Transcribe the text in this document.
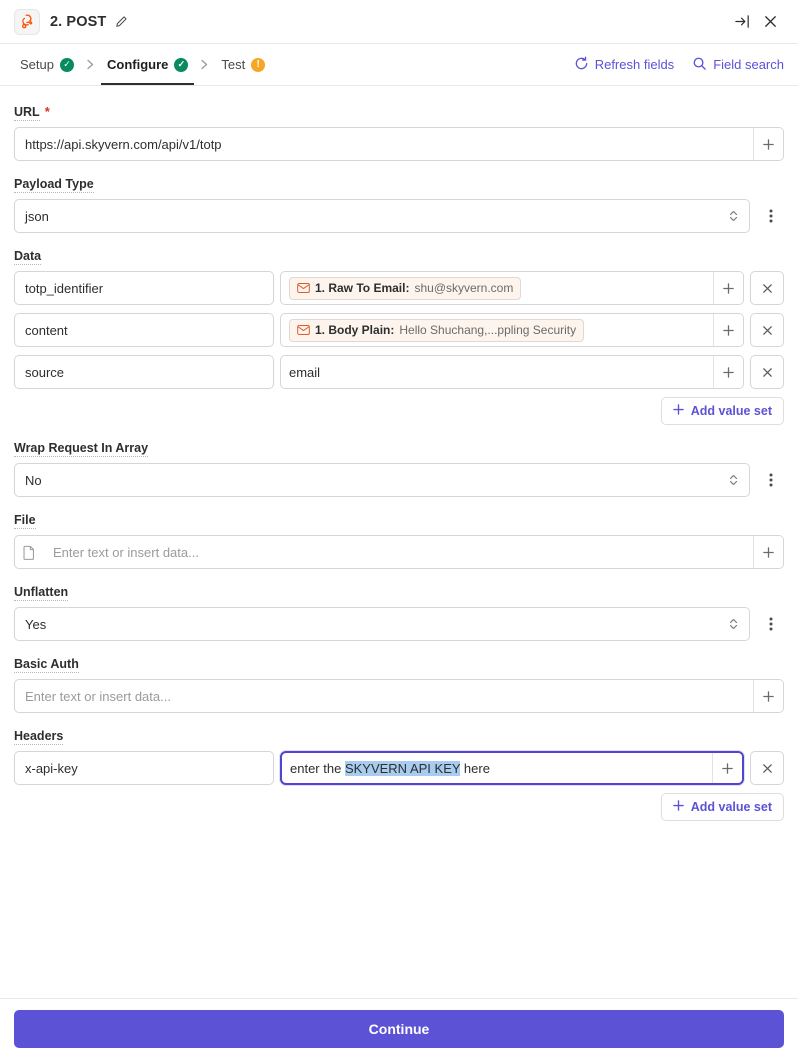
2. POST
Setup	✓	Configure	✓	Test	!	Refresh fields	Field search
URL *
https://api.skyvern.com/api/v1/totp
Payload Type
json
Data
totp_identifier	1. Raw To Email: shu@skyvern.com
content	1. Body Plain: Hello Shuchang,...ppling Security
source	email
Add value set
Wrap Request In Array
No
File
Enter text or insert data...
Unflatten
Yes
Basic Auth
Enter text or insert data...
Headers
x-api-key	enter the SKYVERN API KEY here
Add value set
Continue
